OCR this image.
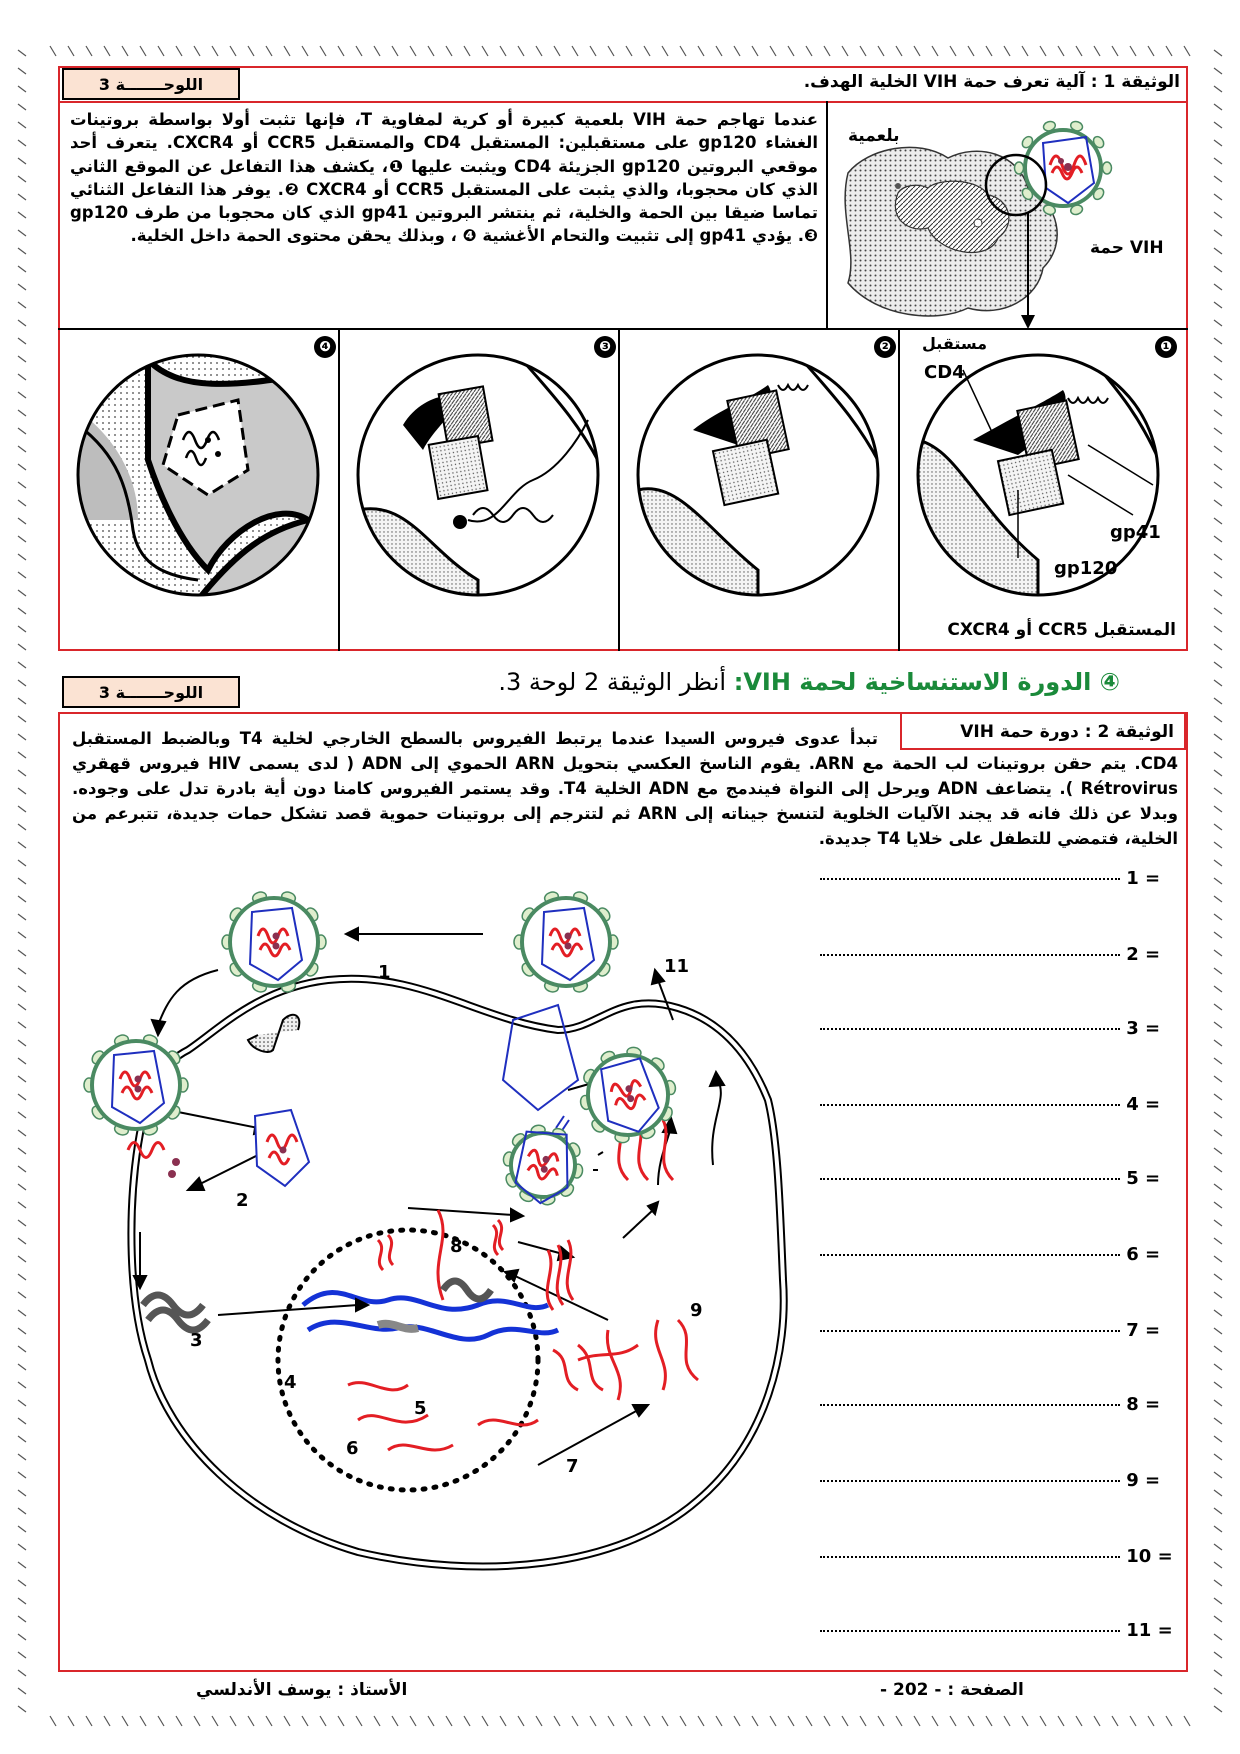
اللوحـــــــة 3	الوثيقة 1 : آلية تعرف حمة VIH الخلية الهدف.
عندما تهاجم حمة VIH بلعمية كبيرة أو كرية لمفاوية T، فإنها تثبت أولا بواسطة بروتينات الغشاء gp120 على مستقبلين: المستقبل CD4 والمستقبل CCR5 أو CXCR4. يتعرف أحد موقعي البروتين gp120 الجزيئة CD4 ويثبت عليها ❶، يكشف هذا التفاعل عن الموقع الثاني الذي كان محجوبا، والذي يثبت على المستقبل CCR5 أو CXCR4 ❷. يوفر هذا التفاعل الثنائي تماسا ضيقا بين الحمة والخلية، ثم ينتشر البروتين gp41 الذي كان محجوبا من طرف gp120 ❸. يؤدي gp41 إلى تثبيت والتحام الأغشية ❹ ، وبذلك يحقن محتوى الحمة داخل الخلية.
بلعمية
حمة VIH
❶
❷
❸
❹	مستقبل
CD4
gp41
gp120
المستقبل CCR5 أو CXCR4
④ الدورة الاستنساخية لحمة VIH: أنظر الوثيقة 2 لوحة 3.
اللوحـــــــة 3
الوثيقة 2 : دورة حمة VIH
تبدأ عدوى فيروس السيدا عندما يرتبط الفيروس بالسطح الخارجي لخلية T4 وبالضبط المستقبل CD4. يتم حقن بروتينات لب الحمة مع ARN. يقوم الناسخ العكسي بتحويل ARN الحموي إلى ADN ( لدى يسمى HIV فيروس قهقري Rétrovirus ). يتضاعف ADN ويرحل إلى النواة فيندمج مع ADN الخلية T4. وقد يستمر الفيروس كامنا دون أية بادرة تدل على وجوده. وبدلا عن ذلك فانه قد يجند الآليات الخلوية لتنسخ جيناته إلى ARN ثم لتترجم إلى بروتينات حموية قصد تشكل حمات جديدة، تتبرعم من الخلية، فتمضي للتطفل على خلايا T4 جديدة.
1 =
2 =
3 =
4 =
5 =
6 =
7 =
8 =
9 =
10 =
11 =
1
2
3
4
5
6
7
8
9
11
الصفحة : - 202 -
الأستاذ : يوسف الأندلسي
